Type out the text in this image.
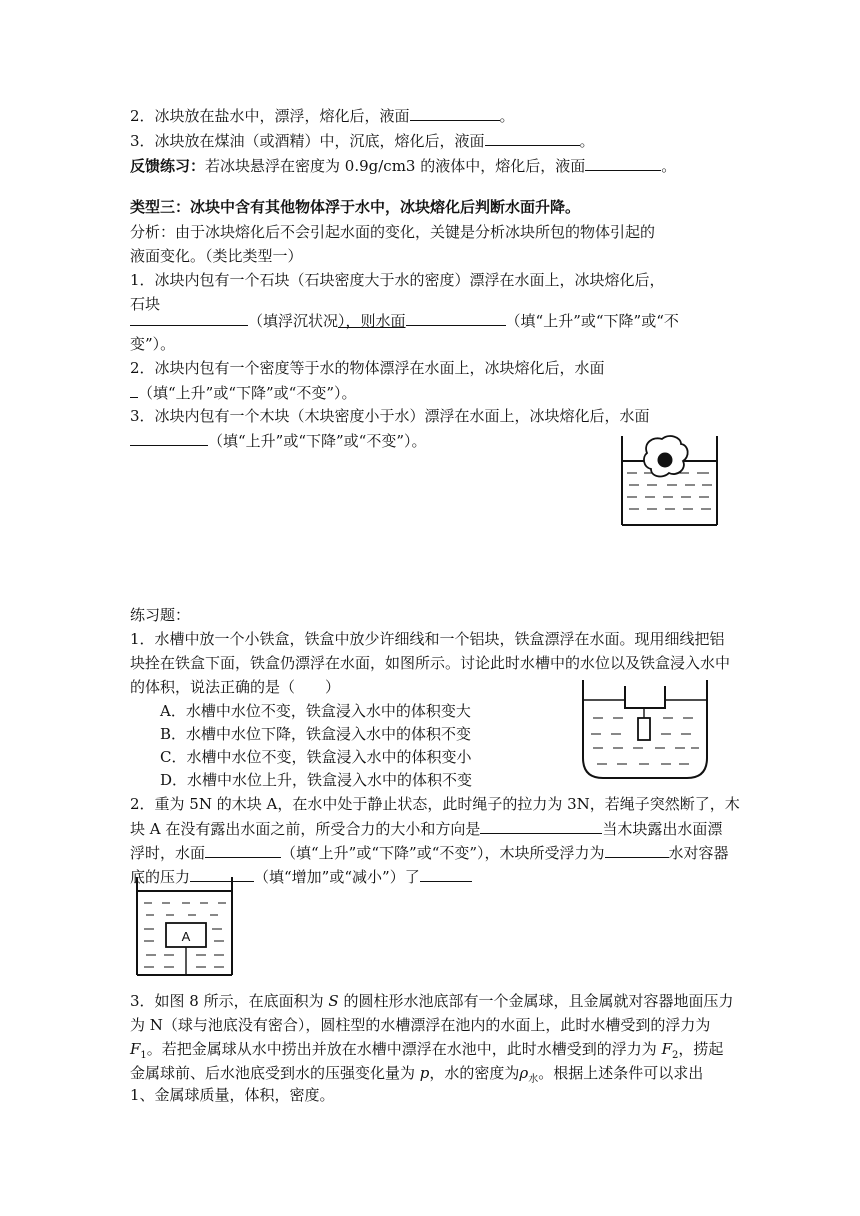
2．冰块放在盐水中，漂浮，熔化后，液面	。
3．冰块放在煤油（或酒精）中，沉底，熔化后，液面	。
反馈练习：若冰块悬浮在密度为 0.9g/cm3 的液体中，熔化后，液面	。
类型三：冰块中含有其他物体浮于水中，冰块熔化后判断水面升降。
分析：由于冰块熔化后不会引起水面的变化，关键是分析冰块所包的物体引起的
液面变化。（类比类型一）
1．冰块内包有一个石块（石块密度大于水的密度）漂浮在水面上，冰块熔化后，
石块
（填浮沉状况），则水面	（填“上升”或“下降”或“不
变”）。
2．冰块内包有一个密度等于水的物体漂浮在水面上，冰块熔化后，水面
（填“上升”或“下降”或“不变”）。
3．冰块内包有一个木块（木块密度小于水）漂浮在水面上，冰块熔化后，水面
（填“上升”或“下降”或“不变”）。
练习题：
1．水槽中放一个小铁盒，铁盒中放少许细线和一个铝块，铁盒漂浮在水面。现用细线把铝
块拴在铁盒下面，铁盒仍漂浮在水面，如图所示。讨论此时水槽中的水位以及铁盒浸入水中
的体积，说法正确的是（　　）
A．水槽中水位不变，铁盒浸入水中的体积变大
B．水槽中水位下降，铁盒浸入水中的体积不变
C．水槽中水位不变，铁盒浸入水中的体积变小
D．水槽中水位上升，铁盒浸入水中的体积不变
2．重为 5N 的木块 A，在水中处于静止状态，此时绳子的拉力为 3N，若绳子突然断了，木
块 A 在没有露出水面之前，所受合力的大小和方向是	当木块露出水面漂
浮时，水面	（填“上升”或“下降”或“不变”），木块所受浮力为	水对容器
底的压力	（填“增加”或“减小”）了
A
3．如图 8 所示，在底面积为 S 的圆柱形水池底部有一个金属球，且金属就对容器地面压力
为 N（球与池底没有密合），圆柱型的水槽漂浮在池内的水面上，此时水槽受到的浮力为
$F_1$。若把金属球从水中捞出并放在水槽中漂浮在水池中，此时水槽受到的浮力为 $F_2$，捞起
金属球前、后水池底受到水的压强变化量为 p，水的密度为$\rho_水$。根据上述条件可以求出
1、金属球质量，体积，密度。
